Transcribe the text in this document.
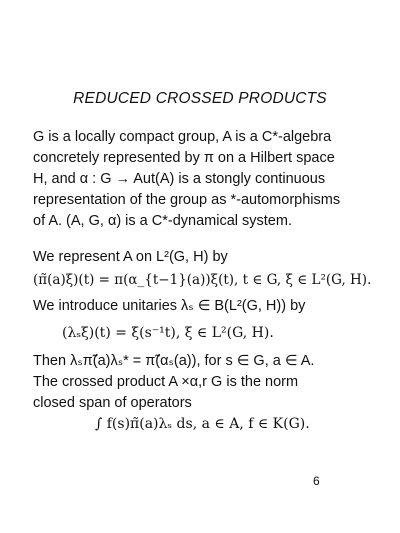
REDUCED CROSSED PRODUCTS
G is a locally compact group, A is a C*-algebra
concretely represented by π on a Hilbert space
H, and α : G → Aut(A) is a stongly continuous
representation of the group as *-automorphisms
of A. (A, G, α) is a C*-dynamical system.
We represent A on L²(G, H) by
(π̃(a)ξ)(t) = π(α_{t−1}(a))ξ(t), t ∈ G, ξ ∈ L²(G, H).
We introduce unitaries λₛ ∈ B(L²(G, H)) by
(λₛξ)(t) = ξ(s⁻¹t), ξ ∈ L²(G, H).
Then λₛπ̃(a)λₛ* = π̃(αₛ(a)), for s ∈ G, a ∈ A.
The crossed product A ×α,r G is the norm
closed span of operators
∫ f(s)π̃(a)λₛ ds, a ∈ A, f ∈ K(G).
6
